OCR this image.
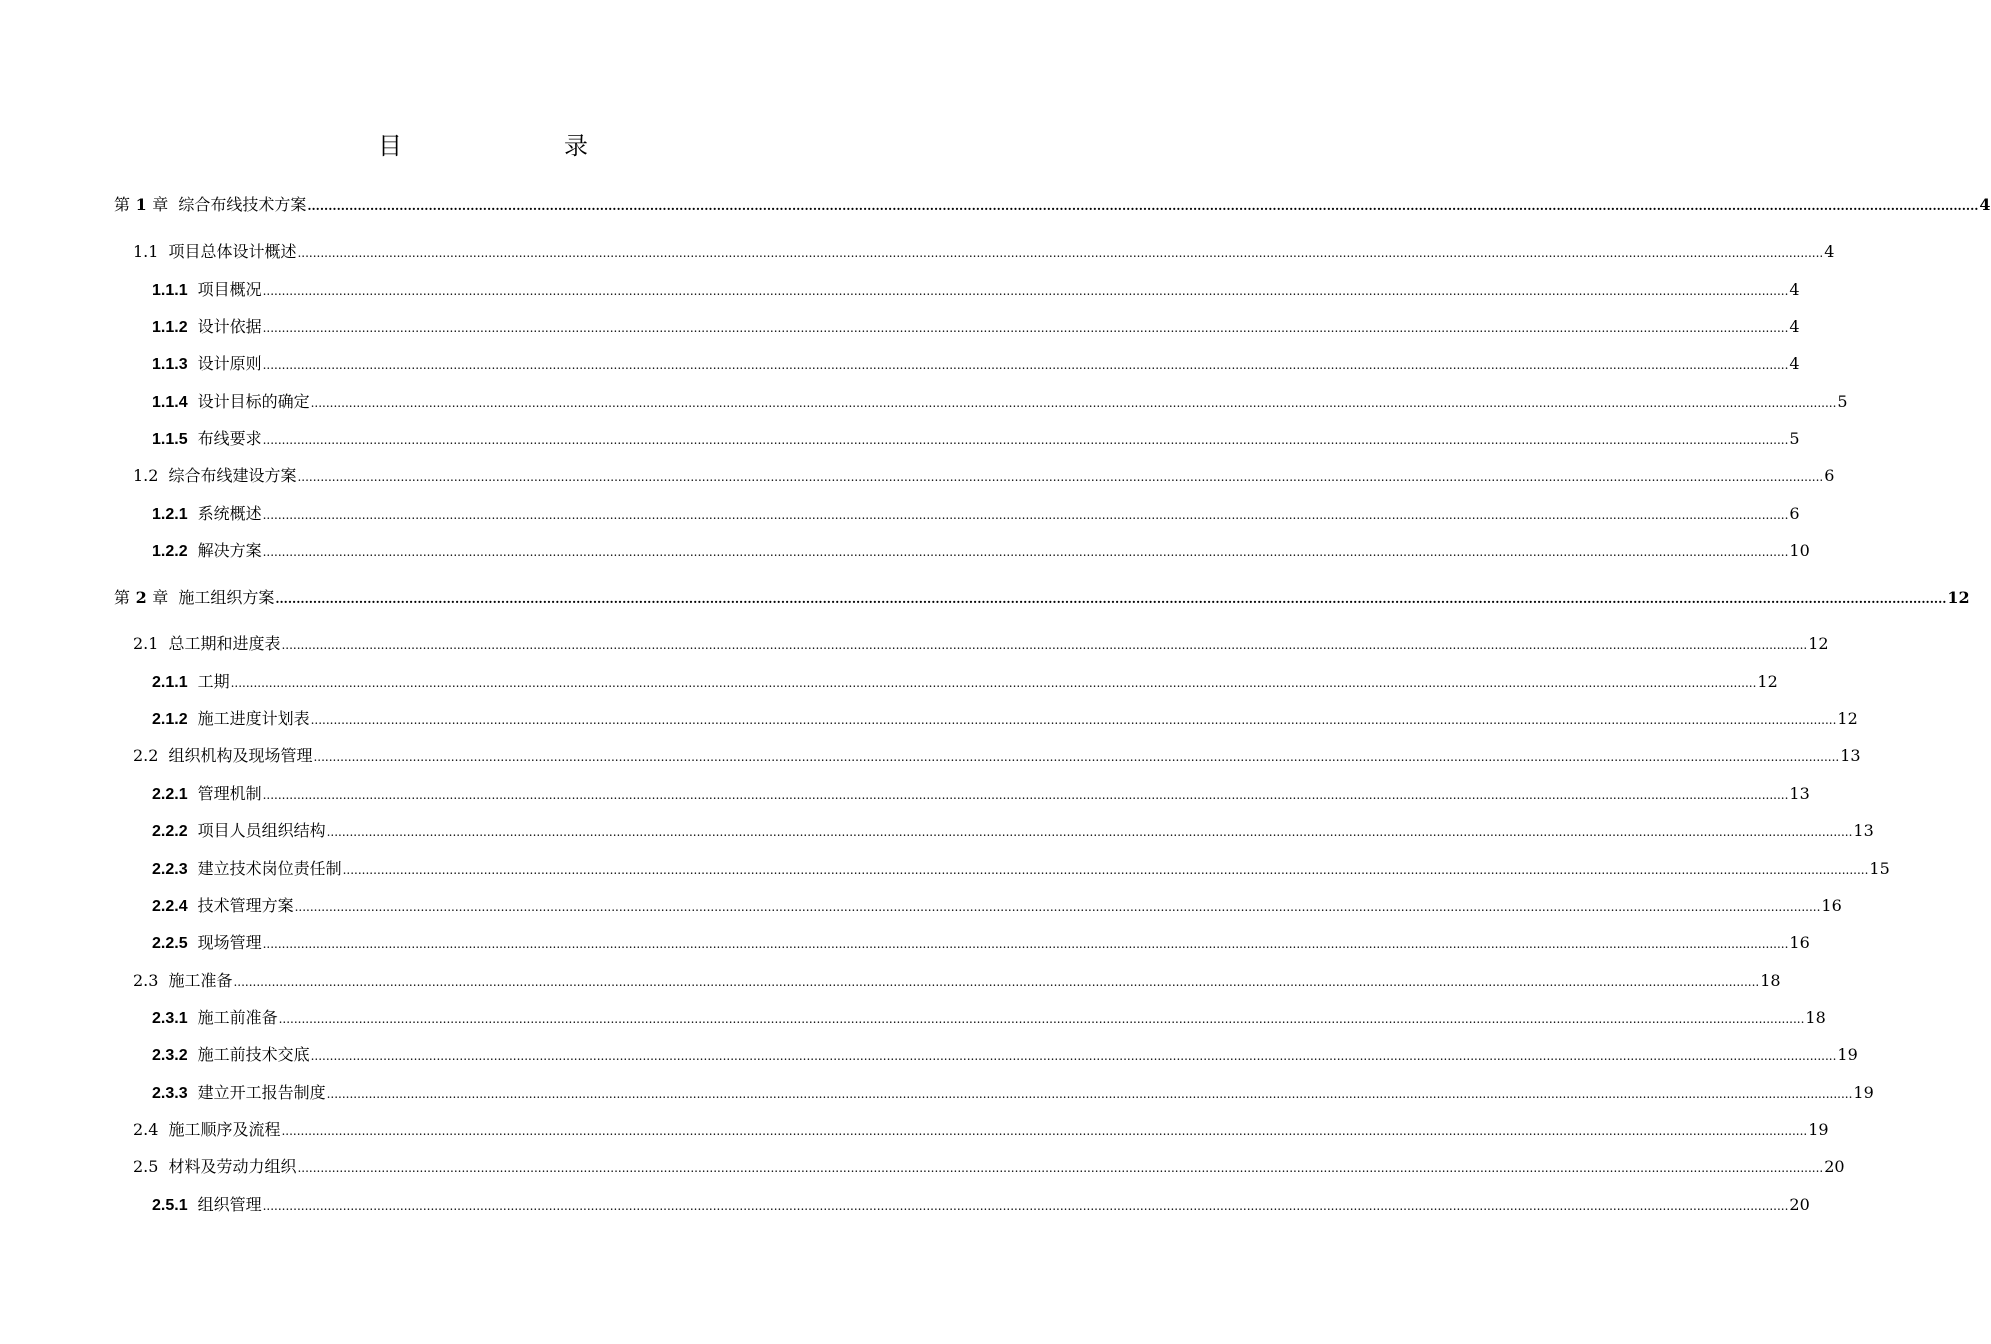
目　　录
第 1 章 综合布线技术方案 ................................................................................................................................................................................................................................................................................................................................................................................................................ 4
1.1 项目总体设计概述 ................................................................................................................................................................................................................................................................................................................................................................................................................ 4
1.1.1 项目概况 ................................................................................................................................................................................................................................................................................................................................................................................................................ 4
1.1.2 设计依据 ................................................................................................................................................................................................................................................................................................................................................................................................................ 4
1.1.3 设计原则 ................................................................................................................................................................................................................................................................................................................................................................................................................ 4
1.1.4 设计目标的确定 ................................................................................................................................................................................................................................................................................................................................................................................................................ 5
1.1.5 布线要求 ................................................................................................................................................................................................................................................................................................................................................................................................................ 5
1.2 综合布线建设方案 ................................................................................................................................................................................................................................................................................................................................................................................................................ 6
1.2.1 系统概述 ................................................................................................................................................................................................................................................................................................................................................................................................................ 6
1.2.2 解决方案 ................................................................................................................................................................................................................................................................................................................................................................................................................ 10
第 2 章 施工组织方案 ................................................................................................................................................................................................................................................................................................................................................................................................................ 12
2.1 总工期和进度表 ................................................................................................................................................................................................................................................................................................................................................................................................................ 12
2.1.1 工期 ................................................................................................................................................................................................................................................................................................................................................................................................................ 12
2.1.2 施工进度计划表 ................................................................................................................................................................................................................................................................................................................................................................................................................ 12
2.2 组织机构及现场管理 ................................................................................................................................................................................................................................................................................................................................................................................................................ 13
2.2.1 管理机制 ................................................................................................................................................................................................................................................................................................................................................................................................................ 13
2.2.2 项目人员组织结构 ................................................................................................................................................................................................................................................................................................................................................................................................................ 13
2.2.3 建立技术岗位责任制 ................................................................................................................................................................................................................................................................................................................................................................................................................ 15
2.2.4 技术管理方案 ................................................................................................................................................................................................................................................................................................................................................................................................................ 16
2.2.5 现场管理 ................................................................................................................................................................................................................................................................................................................................................................................................................ 16
2.3 施工准备 ................................................................................................................................................................................................................................................................................................................................................................................................................ 18
2.3.1 施工前准备 ................................................................................................................................................................................................................................................................................................................................................................................................................ 18
2.3.2 施工前技术交底 ................................................................................................................................................................................................................................................................................................................................................................................................................ 19
2.3.3 建立开工报告制度 ................................................................................................................................................................................................................................................................................................................................................................................................................ 19
2.4 施工顺序及流程 ................................................................................................................................................................................................................................................................................................................................................................................................................ 19
2.5 材料及劳动力组织 ................................................................................................................................................................................................................................................................................................................................................................................................................ 20
2.5.1 组织管理 ................................................................................................................................................................................................................................................................................................................................................................................................................ 20
